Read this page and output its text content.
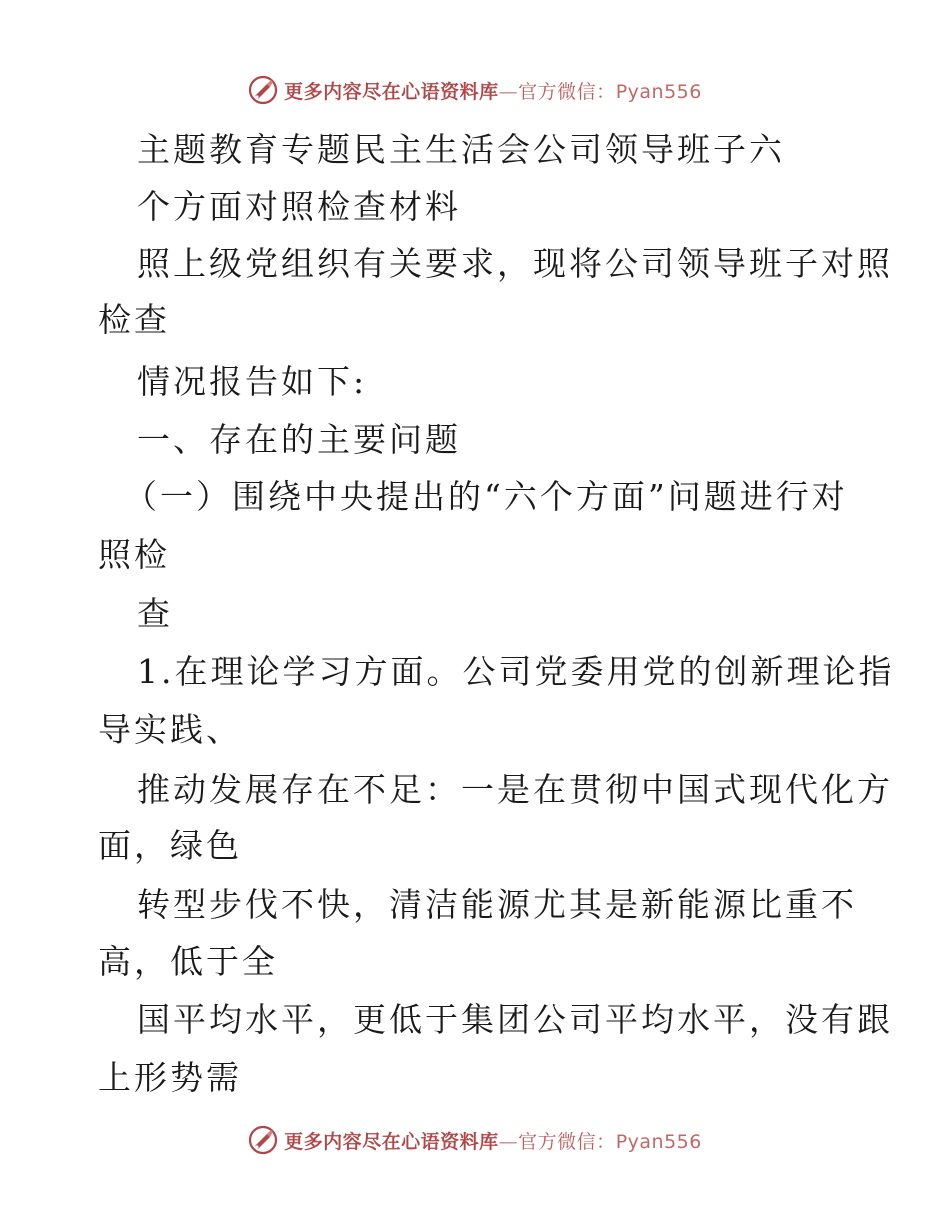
更多内容尽在心语资料库—官方微信：Pyan556
主题教育专题民主生活会公司领导班子六
个方面对照检查材料
照上级党组织有关要求，现将公司领导班子对照
检查
情况报告如下:
一、存在的主要问题
（一）围绕中央提出的“六个方面”问题进行对
照检
查
1.在理论学习方面。公司党委用党的创新理论指
导实践、
推动发展存在不足：一是在贯彻中国式现代化方
面，绿色
转型步伐不快，清洁能源尤其是新能源比重不
高，低于全
国平均水平，更低于集团公司平均水平，没有跟
上形势需
更多内容尽在心语资料库—官方微信：Pyan556
